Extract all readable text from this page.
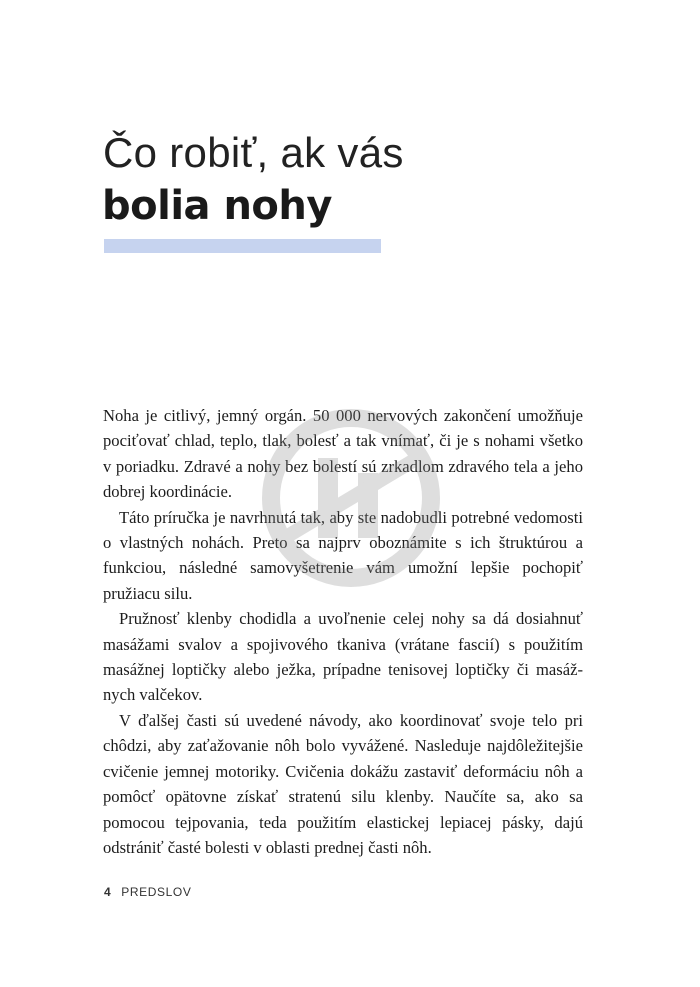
Čo robiť, ak vás
bolia nohy

Noha je citlivý, jemný orgán. 50 000 nervových zakončení umožňuje pociťovať chlad, teplo, tlak, bolesť a tak vnímať, či je s nohami všetko v poriadku. Zdravé a nohy bez bolestí sú zrkadlom zdravého tela a jeho dobrej koordinácie.

Táto príručka je navrhnutá tak, aby ste nadobudli potrebné vedomosti o vlastných nohách. Preto sa najprv oboznámite s ich štruktúrou a funkciou, následné samovyšetrenie vám umožní lepšie pochopiť pružiacu silu.

Pružnosť klenby chodidla a uvoľnenie celej nohy sa dá dosiahnuť masážami svalov a spojivového tkaniva (vrátane fascií) s použitím masážnej loptičky alebo ježka, prípadne tenisovej loptičky či masážnych valčekov.

V ďalšej časti sú uvedené návody, ako koordinovať svoje telo pri chôdzi, aby zaťažovanie nôh bolo vyvážené. Nasleduje najdôležitejšie cvičenie jemnej motoriky. Cvičenia dokážu zastaviť deformáciu nôh a pomôcť opätovne získať stratenú silu klenby. Naučíte sa, ako sa pomocou tejpovania, teda použitím elastickej lepiacej pásky, dajú odstrániť časté bolesti v oblasti prednej časti nôh.

4 PREDSLOV
